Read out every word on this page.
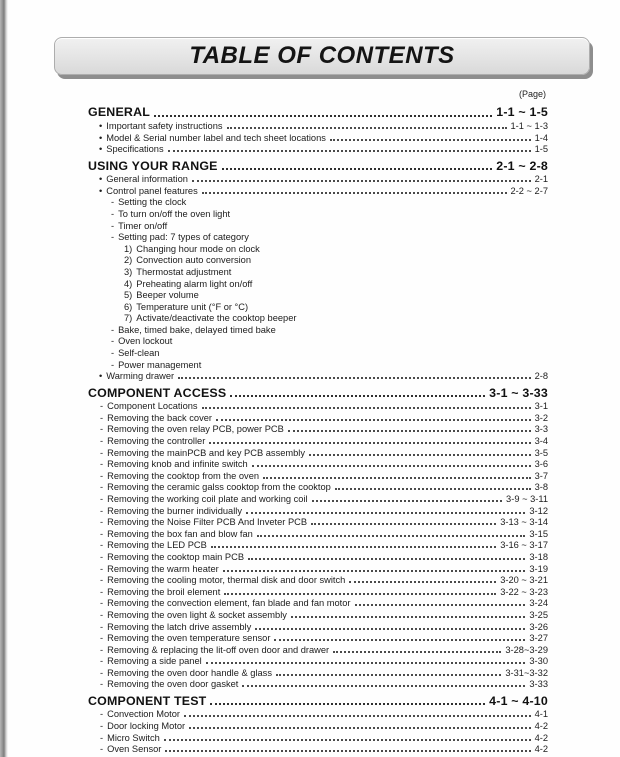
TABLE OF CONTENTS
(Page)
GENERAL	1-1 ~ 1-5
• Important safety instructions	1-1 ~ 1-3
• Model & Serial number label and tech sheet locations	1-4
• Specifications	1-5
USING YOUR RANGE	2-1 ~ 2-8
• General information	2-1
• Control panel features	2-2 ~ 2-7
- Setting the clock
- To turn on/off the oven light
- Timer on/off
- Setting pad: 7 types of category
1) Changing hour mode on clock
2) Convection auto conversion
3) Thermostat adjustment
4) Preheating alarm light on/off
5) Beeper volume
6) Temperature unit (°F or °C)
7) Activate/deactivate the cooktop beeper
- Bake, timed bake, delayed timed bake
- Oven lockout
- Self-clean
- Power management
• Warming drawer	2-8
COMPONENT ACCESS	3-1 ~ 3-33
- Component Locations	3-1
- Removing the back cover	3-2
- Removing the oven relay PCB, power PCB	3-3
- Removing the controller	3-4
- Removing the mainPCB and key PCB assembly	3-5
- Removing knob and infinite switch	3-6
- Removing the cooktop from the oven	3-7
- Removing the ceramic galss cooktop from the cooktop	3-8
- Removing the working coil plate and working coil	3-9 ~ 3-11
- Removing the burner individually	3-12
- Removing the Noise Filter PCB And Inveter PCB	3-13 ~ 3-14
- Removing the box fan and blow fan	3-15
- Removing the LED PCB	3-16 ~ 3-17
- Removing the cooktop main PCB	3-18
- Removing the warm heater	3-19
- Removing the cooling motor, thermal disk and door switch	3-20 ~ 3-21
- Removing the broil element	3-22 ~ 3-23
- Removing the convection element, fan blade and fan motor	3-24
- Removing the oven light & socket assembly	3-25
- Removing the latch drive assembly	3-26
- Removing the oven temperature sensor	3-27
- Removing & replacing the lit-off oven door and drawer	3-28~3-29
- Removing a side panel	3-30
- Removing the oven door handle & glass	3-31~3-32
- Removing the oven door gasket	3-33
COMPONENT TEST	4-1 ~ 4-10
- Convection Motor	4-1
- Door locking Motor	4-2
- Micro Switch	4-2
- Oven Sensor	4-2
